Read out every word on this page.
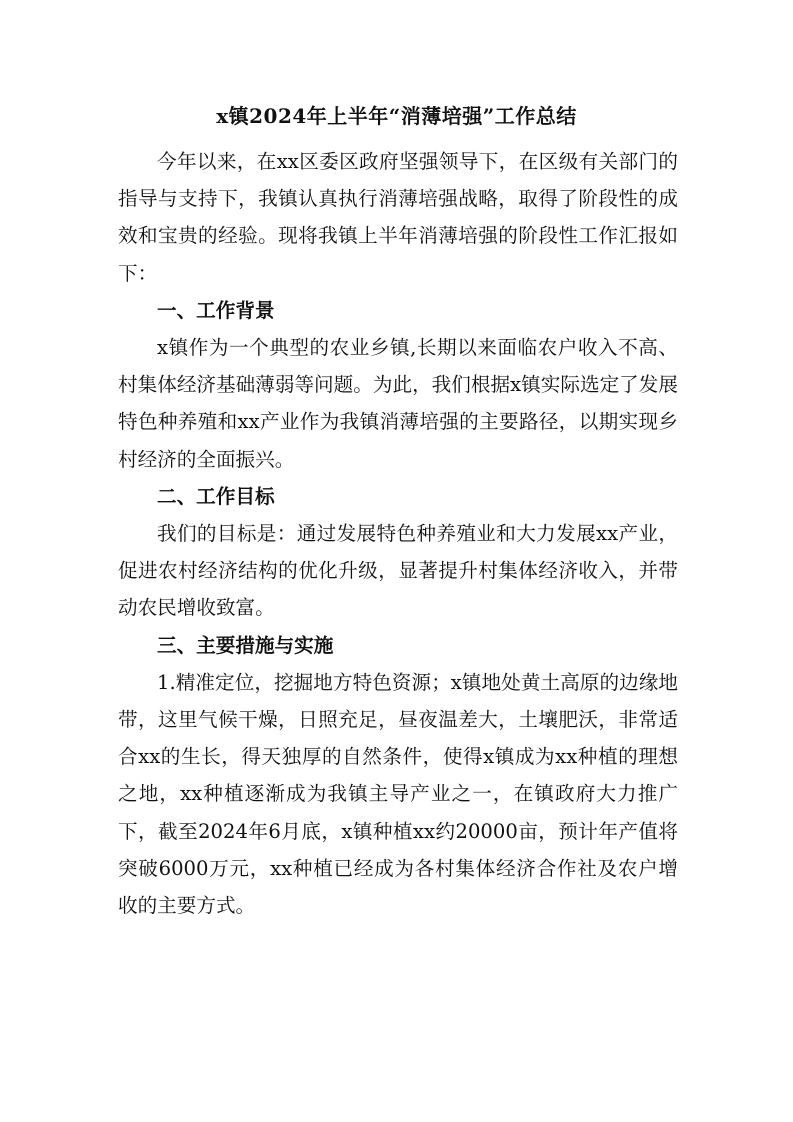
x镇2024年上半年“消薄培强”工作总结

今年以来，在xx区委区政府坚强领导下，在区级有关部门的指导与支持下，我镇认真执行消薄培强战略，取得了阶段性的成效和宝贵的经验。现将我镇上半年消薄培强的阶段性工作汇报如下：

一、工作背景

x镇作为一个典型的农业乡镇,长期以来面临农户收入不高、村集体经济基础薄弱等问题。为此，我们根据x镇实际选定了发展特色种养殖和xx产业作为我镇消薄培强的主要路径，以期实现乡村经济的全面振兴。

二、工作目标

我们的目标是：通过发展特色种养殖业和大力发展xx产业，促进农村经济结构的优化升级，显著提升村集体经济收入，并带动农民增收致富。

三、主要措施与实施

1.精准定位，挖掘地方特色资源；x镇地处黄土高原的边缘地带，这里气候干燥，日照充足，昼夜温差大，土壤肥沃，非常适合xx的生长，得天独厚的自然条件，使得x镇成为xx种植的理想之地，xx种植逐渐成为我镇主导产业之一，在镇政府大力推广下，截至2024年6月底，x镇种植xx约20000亩，预计年产值将突破6000万元，xx种植已经成为各村集体经济合作社及农户增收的主要方式。
